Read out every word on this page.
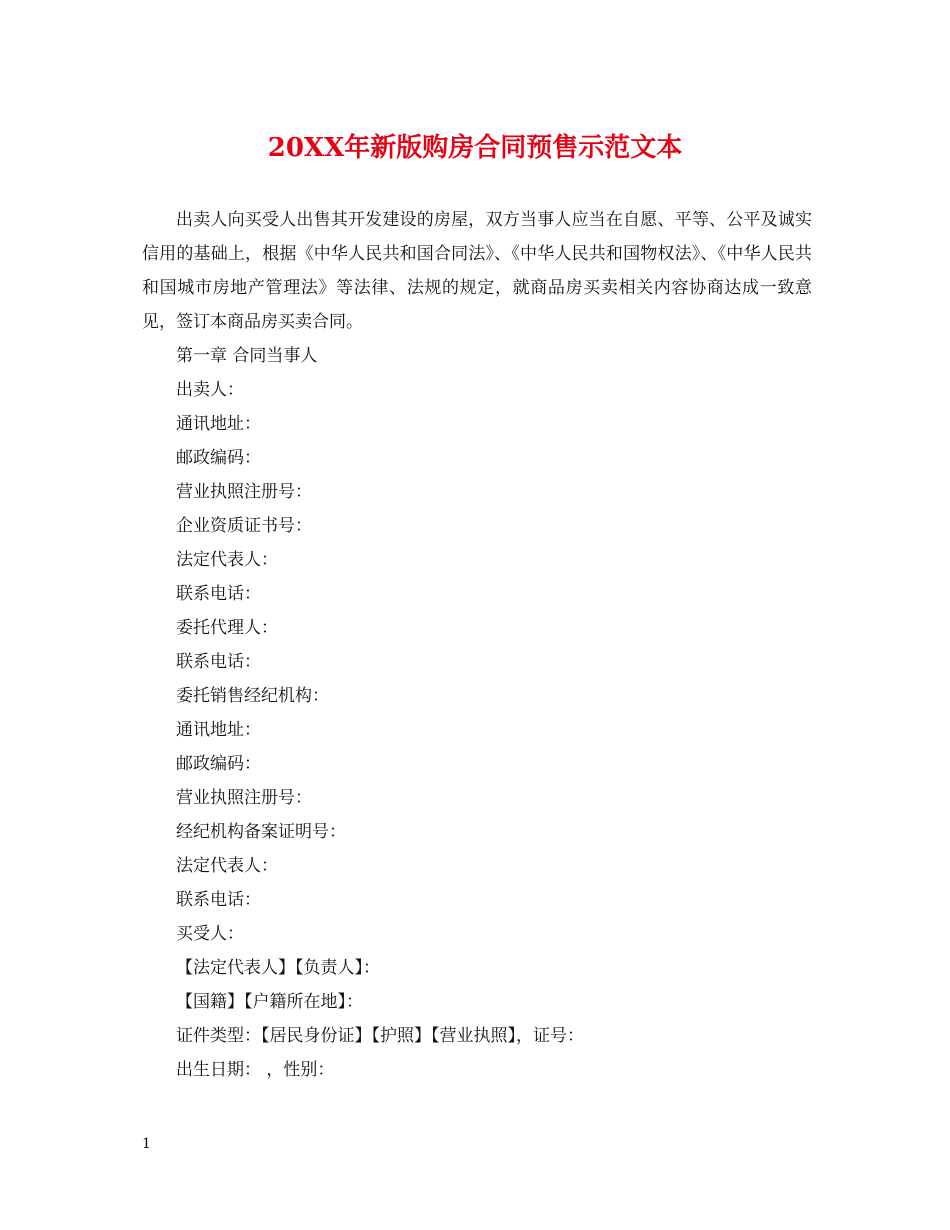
20XX年新版购房合同预售示范文本

出卖人向买受人出售其开发建设的房屋，双方当事人应当在自愿、平等、公平及诚实信用的基础上，根据《中华人民共和国合同法》、《中华人民共和国物权法》、《中华人民共和国城市房地产管理法》等法律、法规的规定，就商品房买卖相关内容协商达成一致意见，签订本商品房买卖合同。

第一章 合同当事人
出卖人：
通讯地址：
邮政编码：
营业执照注册号：
企业资质证书号：
法定代表人：
联系电话：
委托代理人：
联系电话：
委托销售经纪机构：
通讯地址：
邮政编码：
营业执照注册号：
经纪机构备案证明号：
法定代表人：
联系电话：
买受人：
【法定代表人】【负责人】：
【国籍】【户籍所在地】：
证件类型：【居民身份证】【护照】【营业执照】，证号：
出生日期： ，性别：
1
